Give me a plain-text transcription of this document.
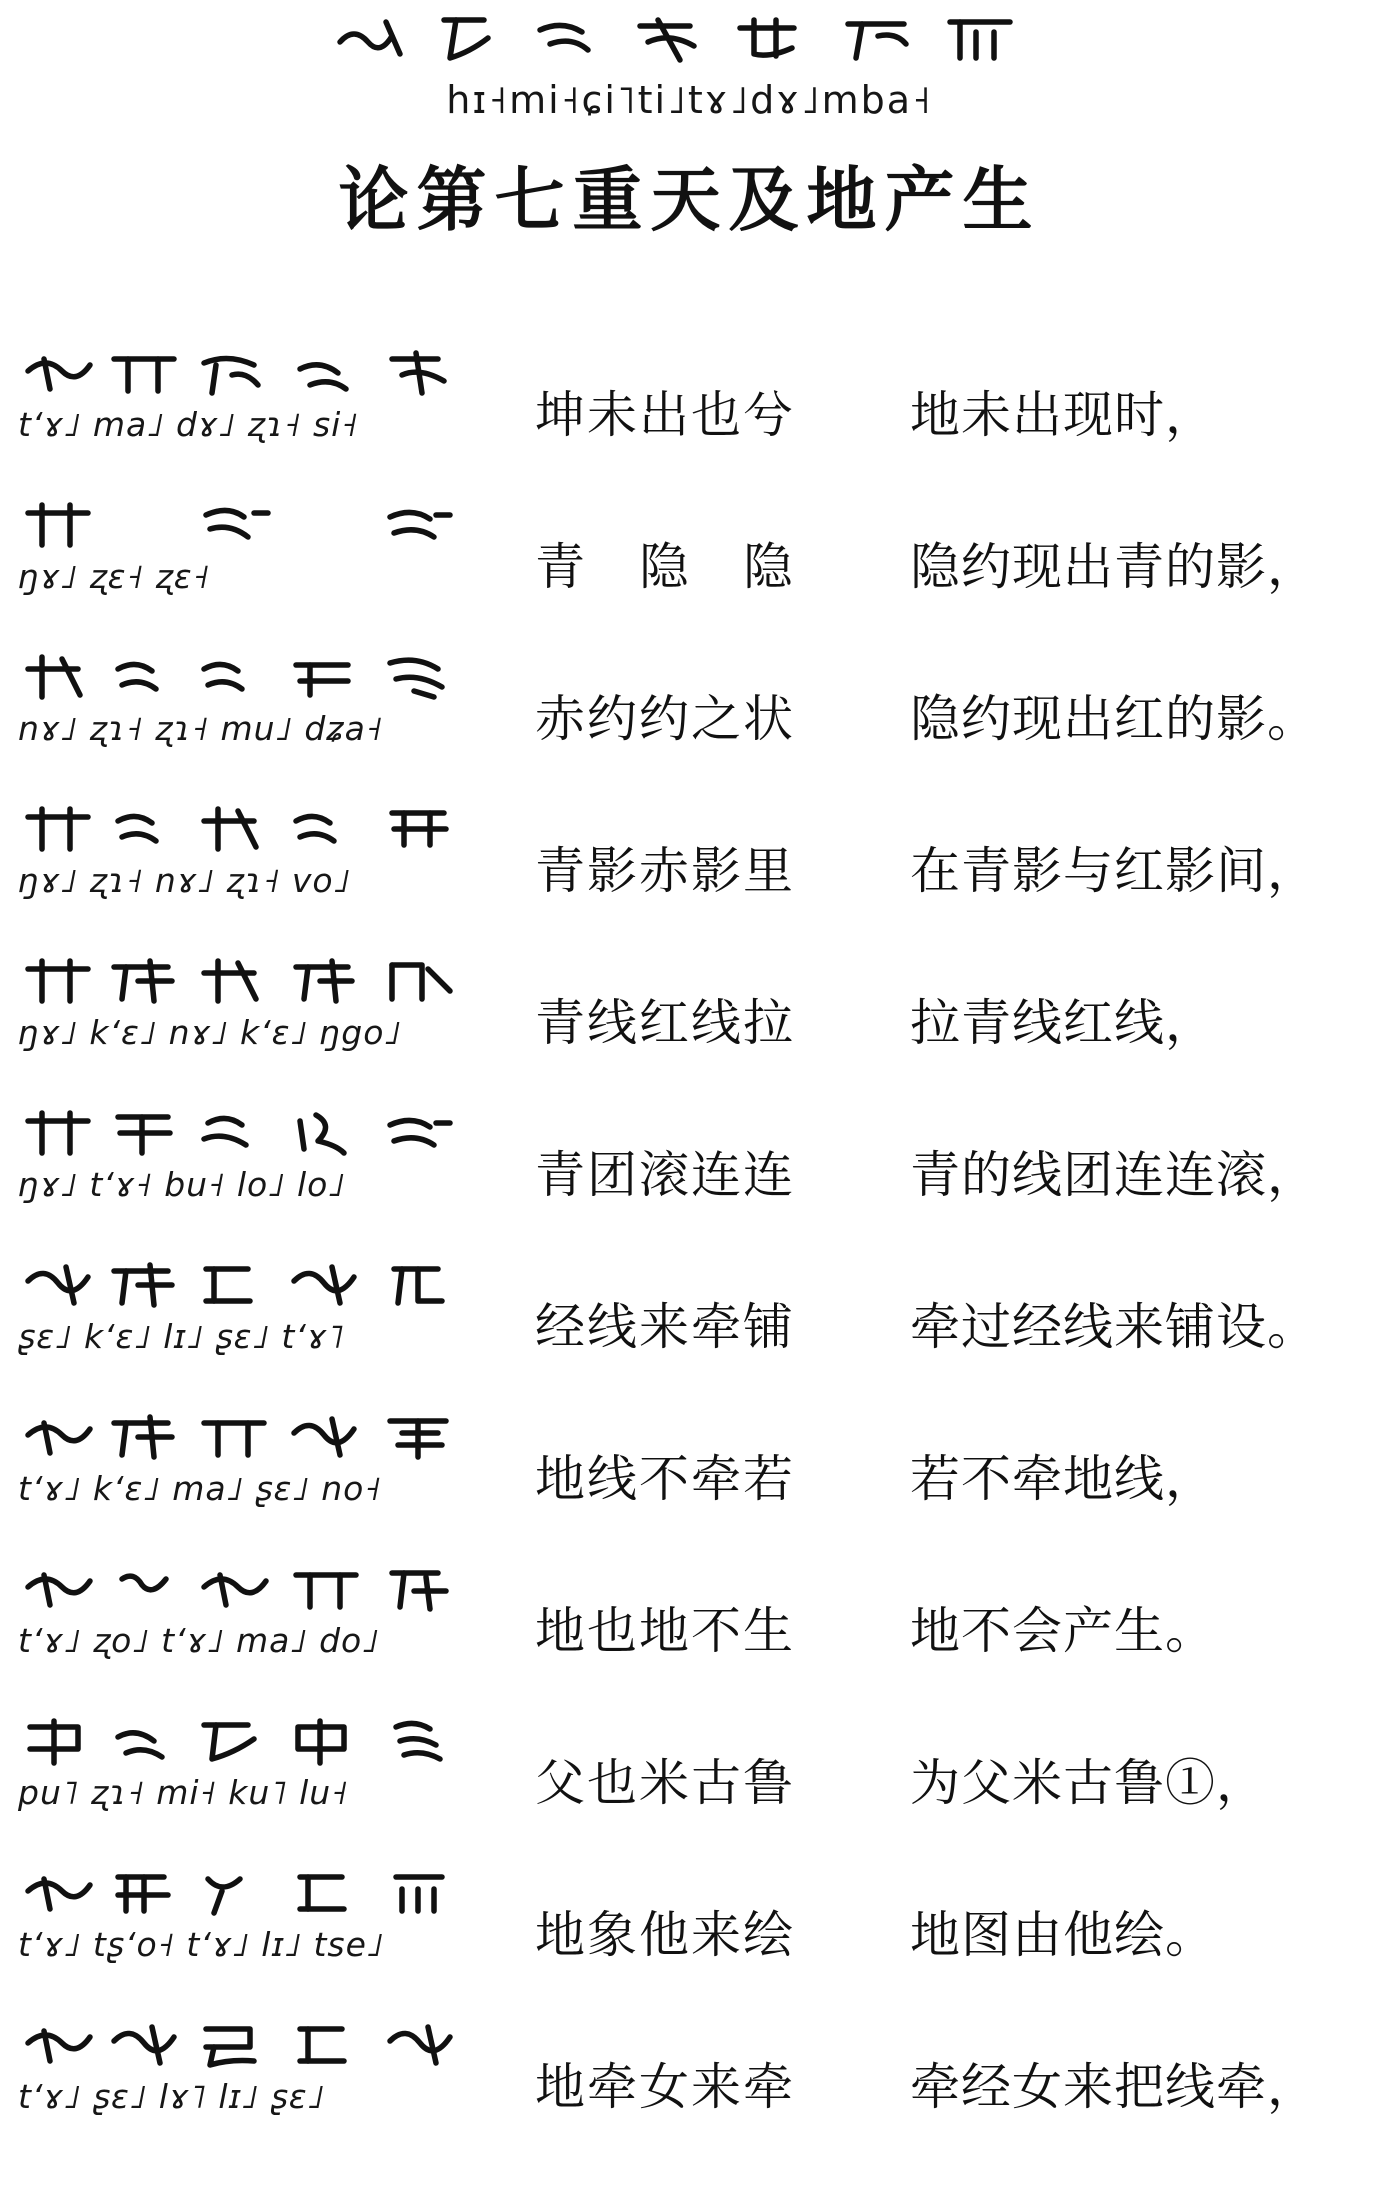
hɪ˧mi˧ɕi˥ti˩tɤ˩dɤ˩mba˧
论第七重天及地产生
tʻɤ˩ ma˩ dɤ˩ ʐɿ˧ si˧	坤未出也兮	地未出现时，
ŋɤ˩ ʐɛ˧ ʐɛ˧	青　隐　隐	隐约现出青的影，
nɤ˩ ʐɿ˧ ʐɿ˧ mu˩ dʑa˧	赤约约之状	隐约现出红的影。
ŋɤ˩ ʐɿ˧ nɤ˩ ʐɿ˧ vo˩	青影赤影里	在青影与红影间，
ŋɤ˩ kʻɛ˩ nɤ˩ kʻɛ˩ ŋgo˩	青线红线拉	拉青线红线，
ŋɤ˩ tʻɤ˧ bu˧ lo˩ lo˩	青团滚连连	青的线团连连滚，
ʂɛ˩ kʻɛ˩ lɪ˩ ʂɛ˩ tʻɤ˥	经线来牵铺	牵过经线来铺设。
tʻɤ˩ kʻɛ˩ ma˩ ʂɛ˩ no˧	地线不牵若	若不牵地线，
tʻɤ˩ ʐo˩ tʻɤ˩ ma˩ do˩	地也地不生	地不会产生。
pu˥ ʐɿ˧ mi˧ ku˥ lu˧	父也米古鲁	为父米古鲁①，
tʻɤ˩ tʂʻo˧ tʻɤ˩ lɪ˩ tse˩	地象他来绘	地图由他绘。
tʻɤ˩ ʂɛ˩ lɤ˥ lɪ˩ ʂɛ˩	地牵女来牵	牵经女来把线牵，
